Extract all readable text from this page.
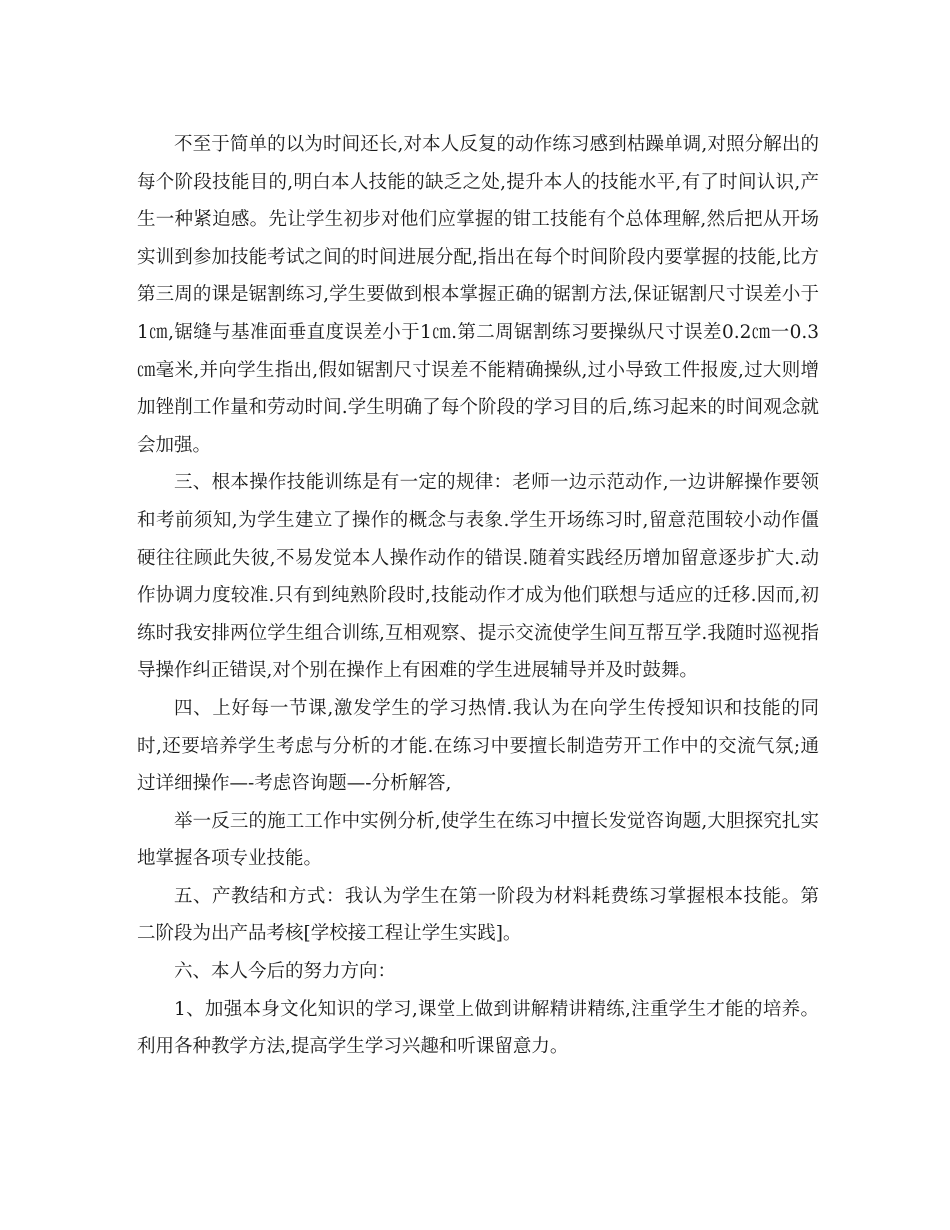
不至于简单的以为时间还长,对本人反复的动作练习感到枯躁单调,对照分解出的每个阶段技能目的,明白本人技能的缺乏之处,提升本人的技能水平,有了时间认识,产生一种紧迫感。先让学生初步对他们应掌握的钳工技能有个总体理解,然后把从开场实训到参加技能考试之间的时间进展分配,指出在每个时间阶段内要掌握的技能,比方第三周的课是锯割练习,学生要做到根本掌握正确的锯割方法,保证锯割尺寸误差小于1㎝,锯缝与基准面垂直度误差小于1㎝.第二周锯割练习要操纵尺寸误差0.2㎝一0.3㎝毫米,并向学生指出,假如锯割尺寸误差不能精确操纵,过小导致工件报废,过大则增加锉削工作量和劳动时间.学生明确了每个阶段的学习目的后,练习起来的时间观念就会加强。

三、根本操作技能训练是有一定的规律：老师一边示范动作,一边讲解操作要领和考前须知,为学生建立了操作的概念与表象.学生开场练习时,留意范围较小动作僵硬往往顾此失彼,不易发觉本人操作动作的错误.随着实践经历增加留意逐步扩大.动作协调力度较准.只有到纯熟阶段时,技能动作才成为他们联想与适应的迁移.因而,初练时我安排两位学生组合训练,互相观察、提示交流使学生间互帮互学.我随时巡视指导操作纠正错误,对个别在操作上有困难的学生进展辅导并及时鼓舞。

四、上好每一节课,激发学生的学习热情.我认为在向学生传授知识和技能的同时,还要培养学生考虑与分析的才能.在练习中要擅长制造劳开工作中的交流气氛;通过详细操作—-考虑咨询题—-分析解答,

举一反三的施工工作中实例分析,使学生在练习中擅长发觉咨询题,大胆探究扎实地掌握各项专业技能。

五、产教结和方式：我认为学生在第一阶段为材料耗费练习掌握根本技能。第二阶段为出产品考核[学校接工程让学生实践]。

六、本人今后的努力方向：

1、加强本身文化知识的学习,课堂上做到讲解精讲精练,注重学生才能的培养。利用各种教学方法,提高学生学习兴趣和听课留意力。
